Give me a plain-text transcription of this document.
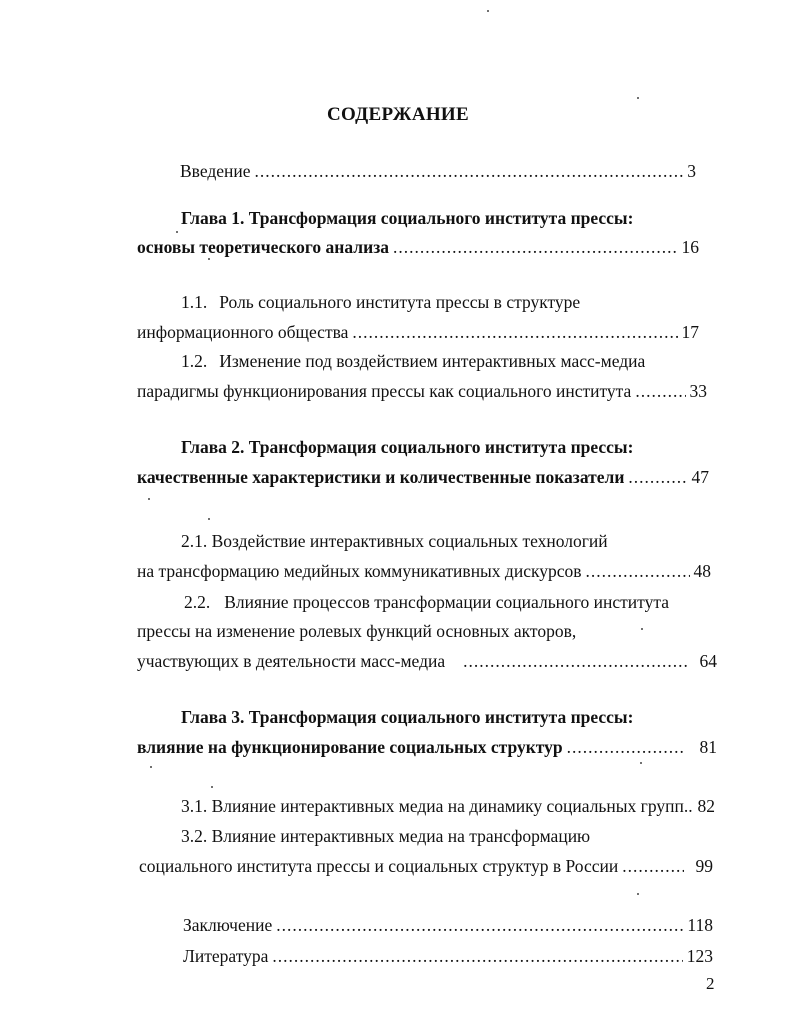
СОДЕРЖАНИЕ
Введение .....	3
Глава 1. Трансформация социального института прессы:
основы теоретического анализа .....	16
1.1. Роль социального института прессы в структуре
информационного общества .....	17
1.2. Изменение под воздействием интерактивных масс-медиа
парадигмы функционирования прессы как социального института .....	33
Глава 2. Трансформация социального института прессы:
качественные характеристики и количественные показатели .....	47
2.1. Воздействие интерактивных социальных технологий
на трансформацию медийных коммуникативных дискурсов .....	48
2.2. Влияние процессов трансформации социального института
прессы на изменение ролевых функций основных акторов,
участвующих в деятельности масс-медиа .....	64
Глава 3. Трансформация социального института прессы:
влияние на функционирование социальных структур .....	81
3.1. Влияние интерактивных медиа на динамику социальных групп.. 82
3.2. Влияние интерактивных медиа на трансформацию
социального института прессы и социальных структур в России .....	99
Заключение .....	118
Литература .....	123
2
